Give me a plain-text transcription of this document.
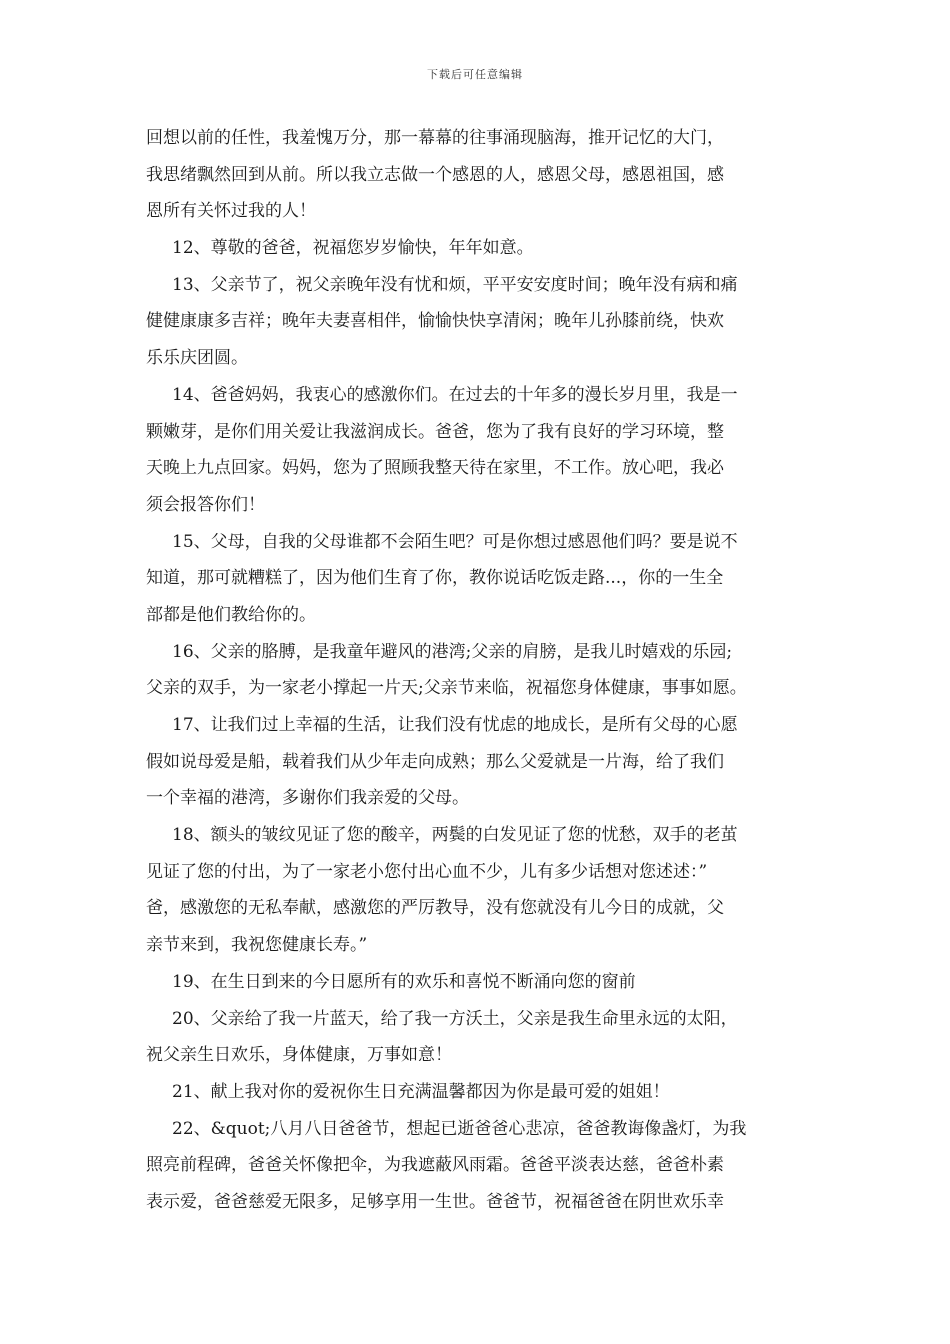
下载后可任意编辑
回想以前的任性，我羞愧万分，那一幕幕的往事涌现脑海，推开记忆的大门，
我思绪飘然回到从前。所以我立志做一个感恩的人，感恩父母，感恩祖国，感
恩所有关怀过我的人！
12、尊敬的爸爸，祝福您岁岁愉快，年年如意。
13、父亲节了，祝父亲晚年没有忧和烦，平平安安度时间；晚年没有病和痛
健健康康多吉祥；晚年夫妻喜相伴，愉愉快快享清闲；晚年儿孙膝前绕，快欢
乐乐庆团圆。
14、爸爸妈妈，我衷心的感激你们。在过去的十年多的漫长岁月里，我是一
颗嫩芽，是你们用关爱让我滋润成长。爸爸，您为了我有良好的学习环境，整
天晚上九点回家。妈妈，您为了照顾我整天待在家里，不工作。放心吧，我必
须会报答你们！
15、父母，自我的父母谁都不会陌生吧？可是你想过感恩他们吗？要是说不
知道，那可就糟糕了，因为他们生育了你，教你说话吃饭走路...，你的一生全
部都是他们教给你的。
16、父亲的胳膊，是我童年避风的港湾;父亲的肩膀，是我儿时嬉戏的乐园;
父亲的双手，为一家老小撑起一片天;父亲节来临，祝福您身体健康，事事如愿。
17、让我们过上幸福的生活，让我们没有忧虑的地成长，是所有父母的心愿
假如说母爱是船，载着我们从少年走向成熟；那么父爱就是一片海，给了我们
一个幸福的港湾，多谢你们我亲爱的父母。
18、额头的皱纹见证了您的酸辛，两鬓的白发见证了您的忧愁，双手的老茧
见证了您的付出，为了一家老小您付出心血不少，儿有多少话想对您述述：”
爸，感激您的无私奉献，感激您的严厉教导，没有您就没有儿今日的成就，父
亲节来到，我祝您健康长寿。”
19、在生日到来的今日愿所有的欢乐和喜悦不断涌向您的窗前
20、父亲给了我一片蓝天，给了我一方沃土，父亲是我生命里永远的太阳，
祝父亲生日欢乐，身体健康，万事如意！
21、献上我对你的爱祝你生日充满温馨都因为你是最可爱的姐姐！
22、&quot;八月八日爸爸节，想起已逝爸爸心悲凉，爸爸教诲像盏灯，为我
照亮前程碑，爸爸关怀像把伞，为我遮蔽风雨霜。爸爸平淡表达慈，爸爸朴素
表示爱，爸爸慈爱无限多，足够享用一生世。爸爸节，祝福爸爸在阴世欢乐幸
